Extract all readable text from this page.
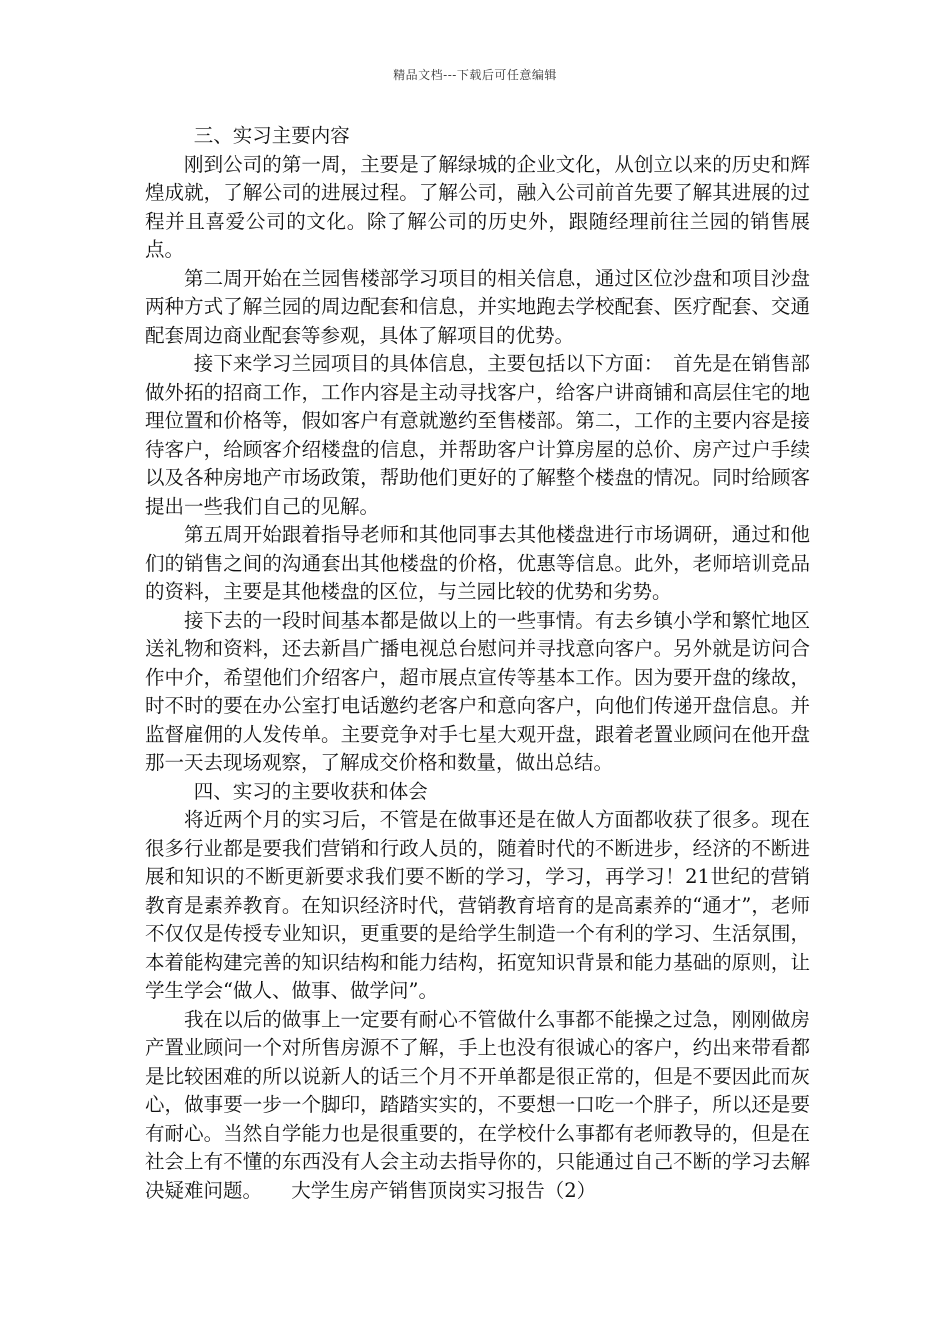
精品文档---下载后可任意编辑

三、实习主要内容

刚到公司的第一周，主要是了解绿城的企业文化，从创立以来的历史和辉煌成就，了解公司的进展过程。了解公司，融入公司前首先要了解其进展的过程并且喜爱公司的文化。除了解公司的历史外，跟随经理前往兰园的销售展点。

第二周开始在兰园售楼部学习项目的相关信息，通过区位沙盘和项目沙盘两种方式了解兰园的周边配套和信息，并实地跑去学校配套、医疗配套、交通配套周边商业配套等参观，具体了解项目的优势。

接下来学习兰园项目的具体信息，主要包括以下方面：　首先是在销售部做外拓的招商工作，工作内容是主动寻找客户，给客户讲商铺和高层住宅的地理位置和价格等，假如客户有意就邀约至售楼部。第二，工作的主要内容是接待客户，给顾客介绍楼盘的信息，并帮助客户计算房屋的总价、房产过户手续以及各种房地产市场政策，帮助他们更好的了解整个楼盘的情况。同时给顾客提出一些我们自己的见解。

第五周开始跟着指导老师和其他同事去其他楼盘进行市场调研，通过和他们的销售之间的沟通套出其他楼盘的价格，优惠等信息。此外，老师培训竞品的资料，主要是其他楼盘的区位，与兰园比较的优势和劣势。

接下去的一段时间基本都是做以上的一些事情。有去乡镇小学和繁忙地区送礼物和资料，还去新昌广播电视总台慰问并寻找意向客户。另外就是访问合作中介，希望他们介绍客户，超市展点宣传等基本工作。因为要开盘的缘故，时不时的要在办公室打电话邀约老客户和意向客户，向他们传递开盘信息。并监督雇佣的人发传单。主要竞争对手七星大观开盘，跟着老置业顾问在他开盘那一天去现场观察，了解成交价格和数量，做出总结。

四、实习的主要收获和体会

将近两个月的实习后，不管是在做事还是在做人方面都收获了很多。现在很多行业都是要我们营销和行政人员的，随着时代的不断进步，经济的不断进展和知识的不断更新要求我们要不断的学习，学习，再学习！21世纪的营销教育是素养教育。在知识经济时代，营销教育培育的是高素养的“通才”，老师不仅仅是传授专业知识，更重要的是给学生制造一个有利的学习、生活氛围，本着能构建完善的知识结构和能力结构，拓宽知识背景和能力基础的原则，让学生学会“做人、做事、做学问”。

我在以后的做事上一定要有耐心不管做什么事都不能操之过急，刚刚做房产置业顾问一个对所售房源不了解，手上也没有很诚心的客户，约出来带看都是比较困难的所以说新人的话三个月不开单都是很正常的，但是不要因此而灰心，做事要一步一个脚印，踏踏实实的，不要想一口吃一个胖子，所以还是要有耐心。当然自学能力也是很重要的，在学校什么事都有老师教导的，但是在社会上有不懂的东西没有人会主动去指导你的，只能通过自己不断的学习去解决疑难问题。 大学生房产销售顶岗实习报告（2）
